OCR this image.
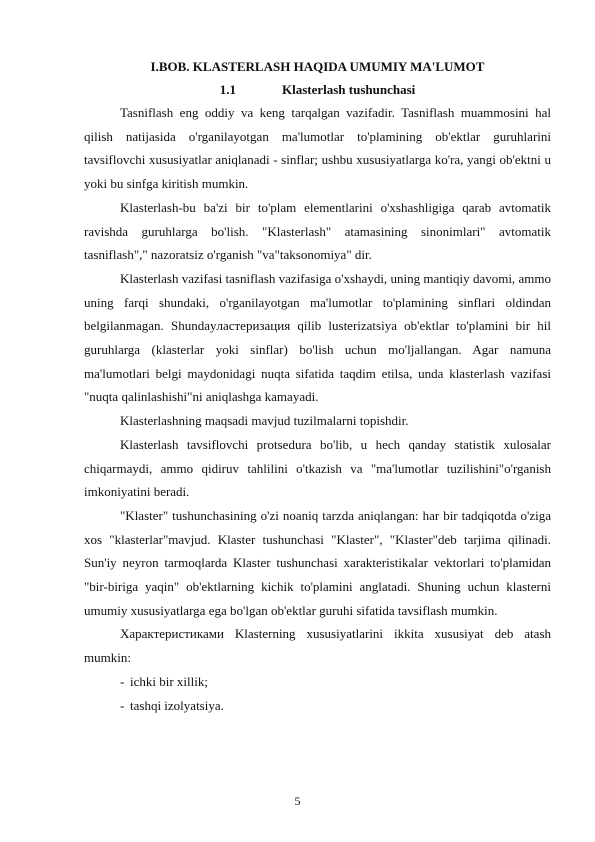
I.BOB. KLASTERLASH HAQIDA UMUMIY MA'LUMOT
1.1	Klasterlash tushunchasi

Tasniflash eng oddiy va keng tarqalgan vazifadir. Tasniflash muammosini hal qilish natijasida o'rganilayotgan ma'lumotlar to'plamining ob'ektlar guruhlarini tavsiflovchi xususiyatlar aniqlanadi - sinflar; ushbu xususiyatlarga ko'ra, yangi ob'ektni u yoki bu sinfga kiritish mumkin.

Klasterlash-bu ba'zi bir to'plam elementlarini o'xshashligiga qarab avtomatik ravishda guruhlarga bo'lish. "Klasterlash" atamasining sinonimlari" avtomatik tasniflash"," nazoratsiz o'rganish "va"taksonomiya" dir.

Klasterlash vazifasi tasniflash vazifasiga o'xshaydi, uning mantiqiy davomi, ammo uning farqi shundaki, o'rganilayotgan ma'lumotlar to'plamining sinflari oldindan belgilanmagan. Shundayластеризация qilib lusterizatsiya ob'ektlar to'plamini bir hil guruhlarga (klasterlar yoki sinflar) bo'lish uchun mo'ljallangan. Agar namuna ma'lumotlari belgi maydonidagi nuqta sifatida taqdim etilsa, unda klasterlash vazifasi "nuqta qalinlashishi"ni aniqlashga kamayadi.

Klasterlashning maqsadi mavjud tuzilmalarni topishdir.

Klasterlash tavsiflovchi protsedura bo'lib, u hech qanday statistik xulosalar chiqarmaydi, ammo qidiruv tahlilini o'tkazish va "ma'lumotlar tuzilishini"o'rganish imkoniyatini beradi.

"Klaster" tushunchasining o'zi noaniq tarzda aniqlangan: har bir tadqiqotda o'ziga xos "klasterlar"mavjud. Klaster tushunchasi "Klaster", "Klaster"deb tarjima qilinadi. Sun'iy neyron tarmoqlarda Klaster tushunchasi xarakteristikalar vektorlari to'plamidan "bir-biriga yaqin" ob'ektlarning kichik to'plamini anglatadi. Shuning uchun klasterni umumiy xususiyatlarga ega bo'lgan ob'ektlar guruhi sifatida tavsiflash mumkin.

Характеристиками Klasterning xususiyatlarini ikkita xususiyat deb atash mumkin:

- ichki bir xillik;
- tashqi izolyatsiya.
5
